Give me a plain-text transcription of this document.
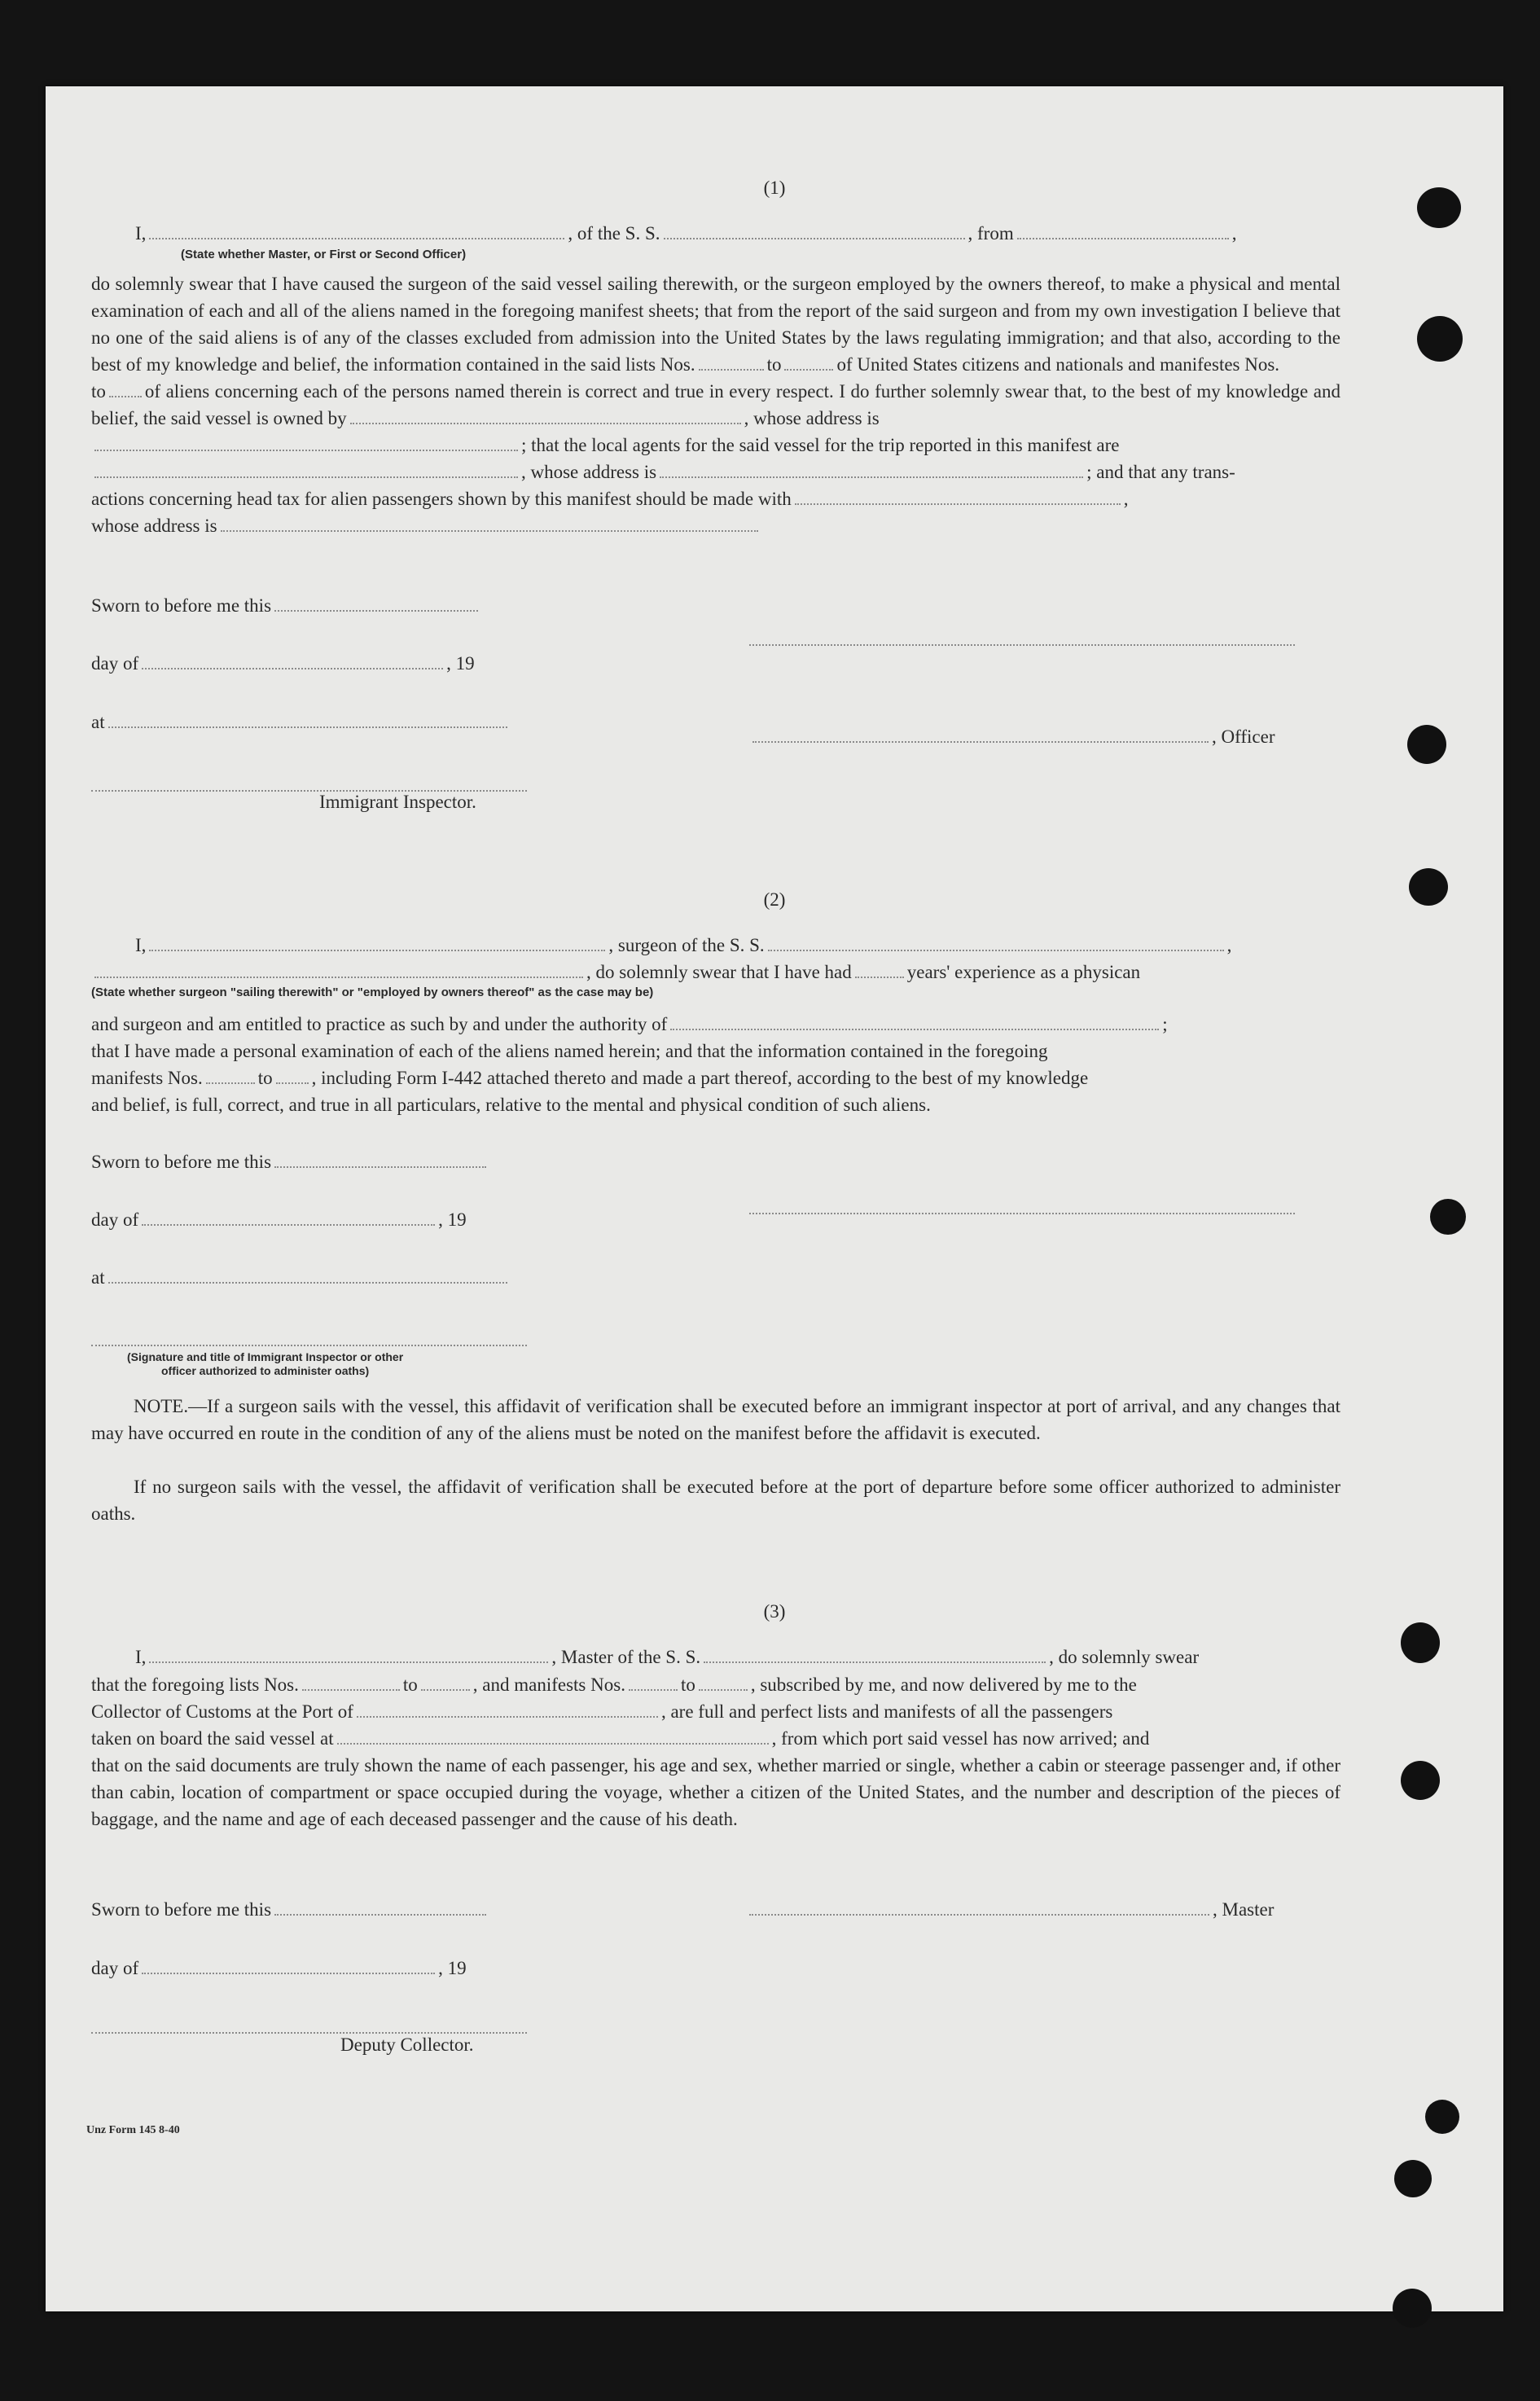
(1)
I,	, of the S. S.	, from	,
(State whether Master, or First or Second Officer)
do solemnly swear that I have caused the surgeon of the said vessel sailing therewith, or the surgeon employed by the owners thereof, to make a physical and mental examination of each and all of the aliens named in the foregoing manifest sheets; that from the report of the said surgeon and from my own investigation I believe that no one of the said aliens is of any of the classes excluded from admission into the United States by the laws regulating immigration; and that also, according to the best of my knowledge and belief, the information contained in the said lists Nos.	to	of United States citizens and nationals and manifestes Nos.
to of aliens concerning each of the persons named therein is correct and true in every respect. I do further solemnly swear that, to the best of my knowledge and belief, the said vessel is owned by	, whose address is
; that the local agents for the said vessel for the trip reported in this manifest are
, whose address is	; and that any trans-
actions concerning head tax for alien passengers shown by this manifest should be made with	,
whose address is
Sworn to before me this
day of	, 19
at
, Officer
Immigrant Inspector.
(2)
I,	, surgeon of the S. S.	,
, do solemnly swear that I have had	years' experience as a physican
(State whether surgeon "sailing therewith" or "employed by owners thereof" as the case may be)
and surgeon and am entitled to practice as such by and under the authority of	;
that I have made a personal examination of each of the aliens named herein; and that the information contained in the foregoing
manifests Nos.	to , including Form I-442 attached thereto and made a part thereof, according to the best of my knowledge
and belief, is full, correct, and true in all particulars, relative to the mental and physical condition of such aliens.
Sworn to before me this
day of	, 19
at
(Signature and title of Immigrant Inspector or other
officer authorized to administer oaths)
NOTE.—If a surgeon sails with the vessel, this affidavit of verification shall be executed before an immigrant inspector at port of arrival, and any changes that may have occurred en route in the condition of any of the aliens must be noted on the manifest before the affidavit is executed.
If no surgeon sails with the vessel, the affidavit of verification shall be executed before at the port of departure before some officer authorized to administer oaths.
(3)
I,	, Master of the S. S.	, do solemnly swear
that the foregoing lists Nos.	to	, and manifests Nos.	to	, subscribed by me, and now delivered by me to the
Collector of Customs at the Port of	, are full and perfect lists and manifests of all the passengers
taken on board the said vessel at	, from which port said vessel has now arrived; and
that on the said documents are truly shown the name of each passenger, his age and sex, whether married or single, whether a cabin or steerage passenger and, if other than cabin, location of compartment or space occupied during the voyage, whether a citizen of the United States, and the number and description of the pieces of baggage, and the name and age of each deceased passenger and the cause of his death.
Sworn to before me this	, Master
day of	, 19
Deputy Collector.
Unz Form 145 8-40
